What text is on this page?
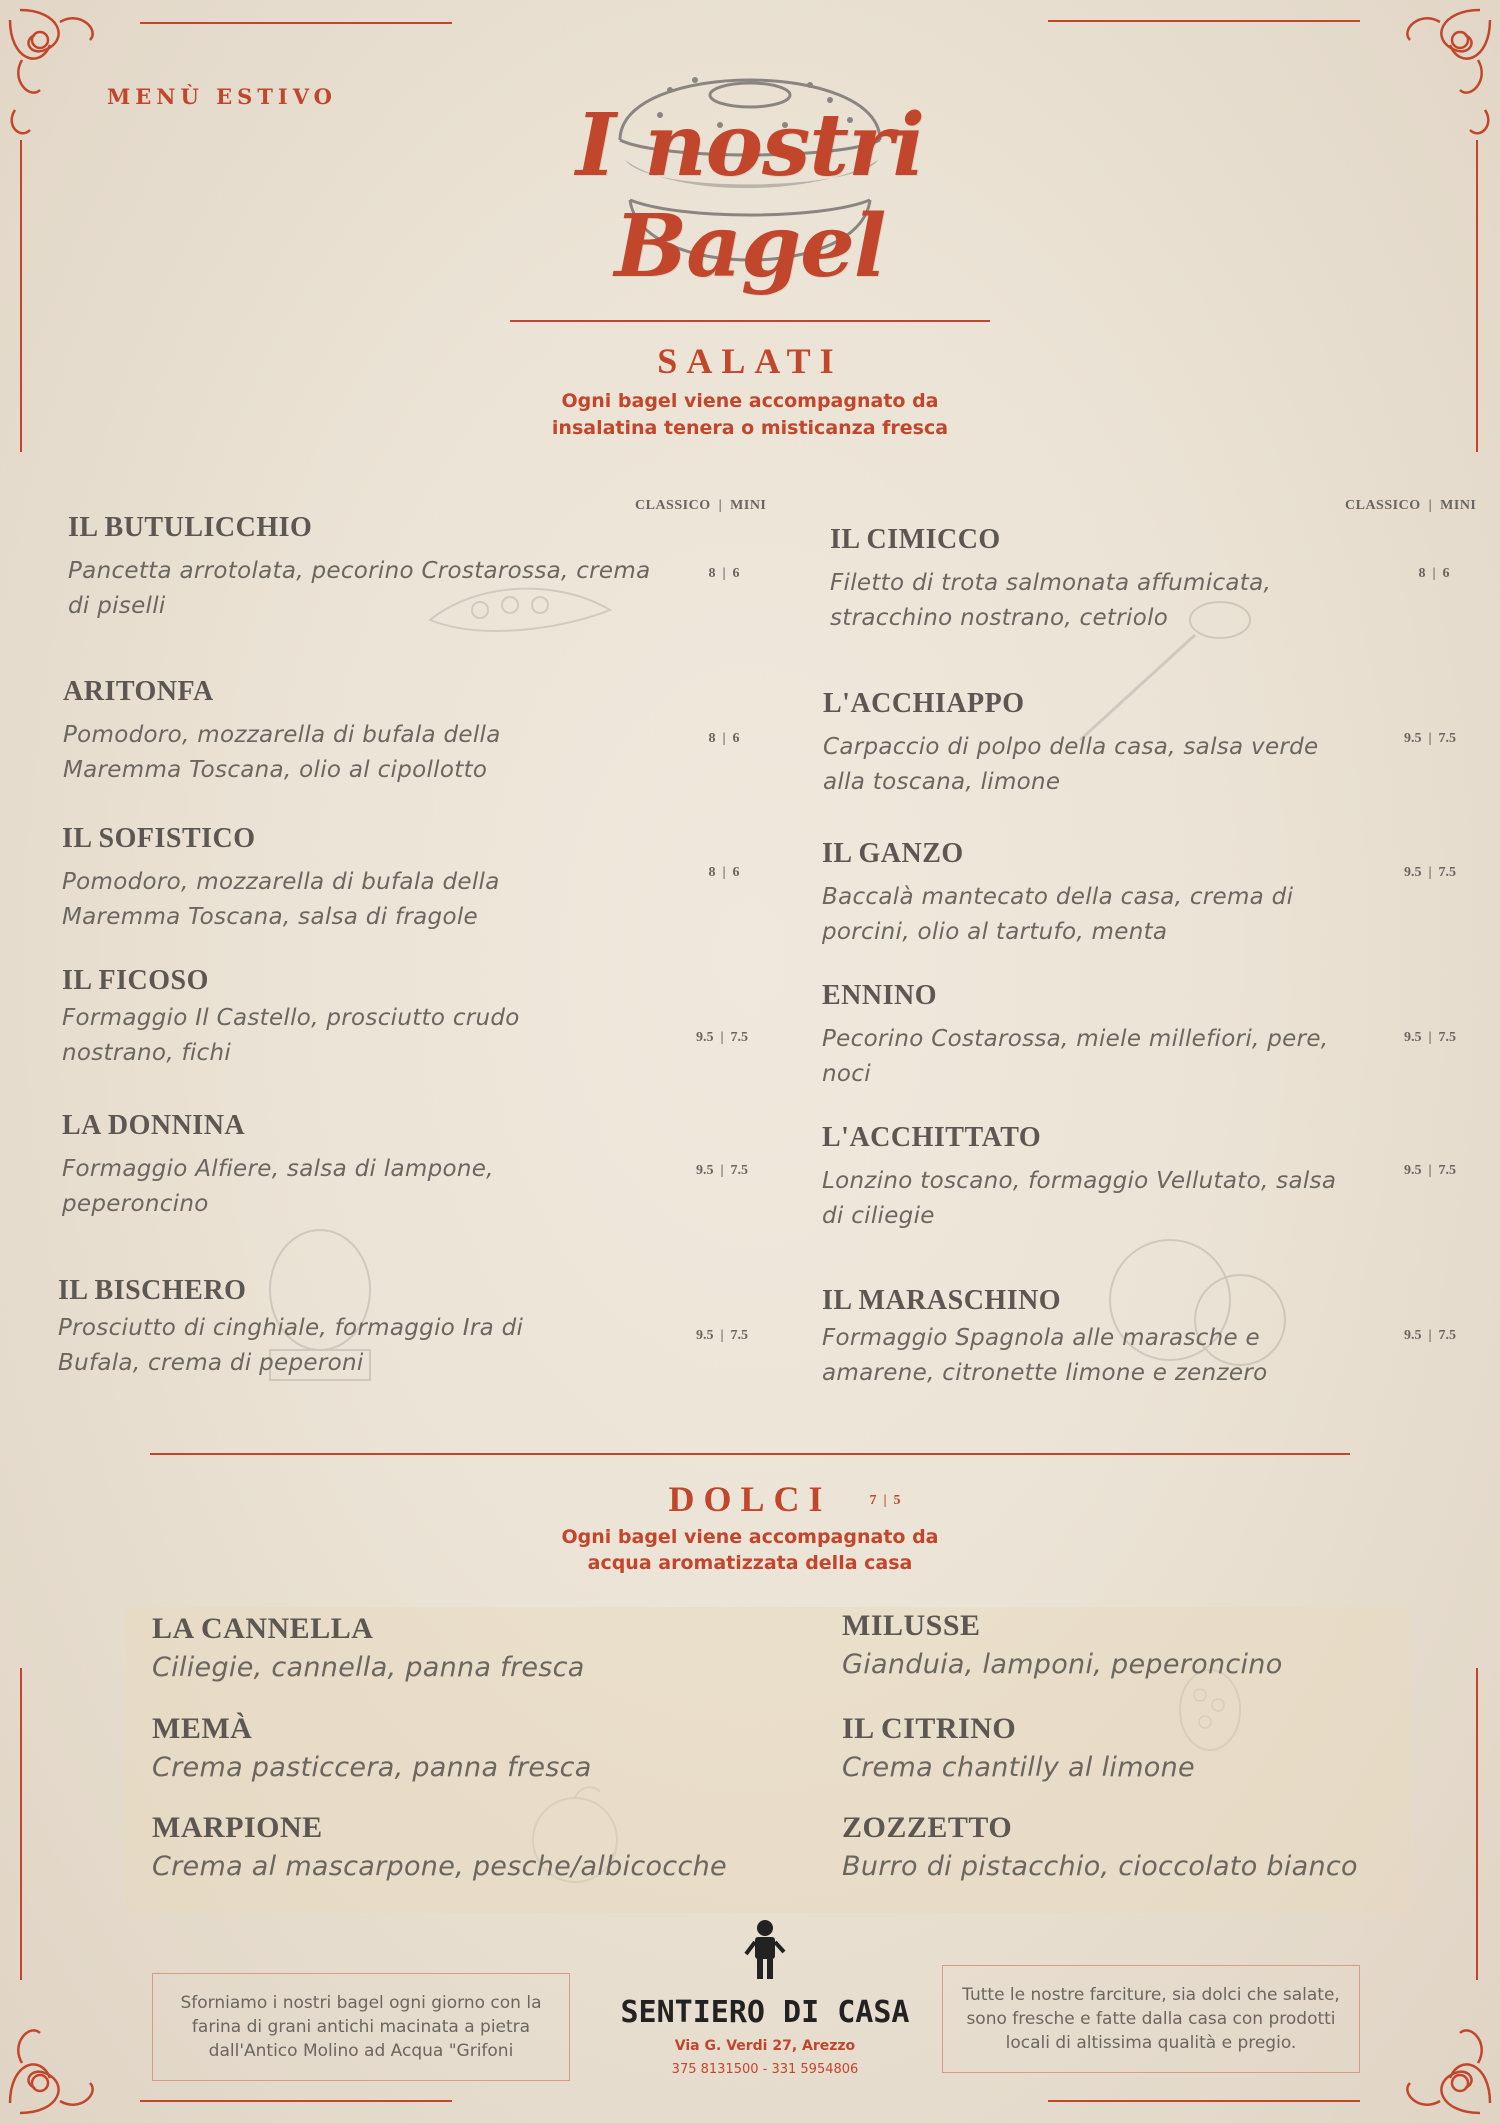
MENÙ ESTIVO	I nostri Bagel
SALATI
Ogni bagel viene accompagnato da
insalatina tenera o misticanza fresca
CLASSICO  |  MINI	CLASSICO  |  MINI
IL BUTULICCHIO
Pancetta arrotolata, pecorino Crostarossa, crema di piselli
8  |  6
ARITONFA
Pomodoro, mozzarella di bufala della Maremma Toscana, olio al cipollotto
8  |  6
IL SOFISTICO
Pomodoro, mozzarella di bufala della Maremma Toscana, salsa di fragole
8  |  6
IL FICOSO
Formaggio Il Castello, prosciutto crudo nostrano, fichi
9.5  |  7.5
LA DONNINA
Formaggio Alfiere, salsa di lampone, peperoncino
9.5  |  7.5
IL BISCHERO
Prosciutto di cinghiale, formaggio Ira di Bufala, crema di peperoni
9.5  |  7.5
IL CIMICCO
Filetto di trota salmonata affumicata, stracchino nostrano, cetriolo
8  |  6
L'ACCHIAPPO
Carpaccio di polpo della casa, salsa verde alla toscana, limone
9.5  |  7.5
IL GANZO
Baccalà mantecato della casa, crema di porcini, olio al tartufo, menta
9.5  |  7.5
ENNINO
Pecorino Costarossa, miele millefiori, pere, noci
9.5  |  7.5
L'ACCHITTATO
Lonzino toscano, formaggio Vellutato, salsa di ciliegie
9.5  |  7.5
IL MARASCHINO
Formaggio Spagnola alle marasche e amarene, citronette limone e zenzero
9.5  |  7.5
DOLCI	7  |  5
Ogni bagel viene accompagnato da
acqua aromatizzata della casa
LA CANNELLA
Ciliegie, cannella, panna fresca
MEMÀ
Crema pasticcera, panna fresca
MARPIONE
Crema al mascarpone, pesche/albicocche
MILUSSE
Gianduia, lamponi, peperoncino
IL CITRINO
Crema chantilly al limone
ZOZZETTO
Burro di pistacchio, cioccolato bianco
Sforniamo i nostri bagel ogni giorno con la farina di grani antichi macinata a pietra dall'Antico Molino ad Acqua "Grifoni
Tutte le nostre farciture, sia dolci che salate, sono fresche e fatte dalla casa con prodotti locali di altissima qualità e pregio.
SENTIERO DI CASA
Via G. Verdi 27, Arezzo
375 8131500 - 331 5954806
